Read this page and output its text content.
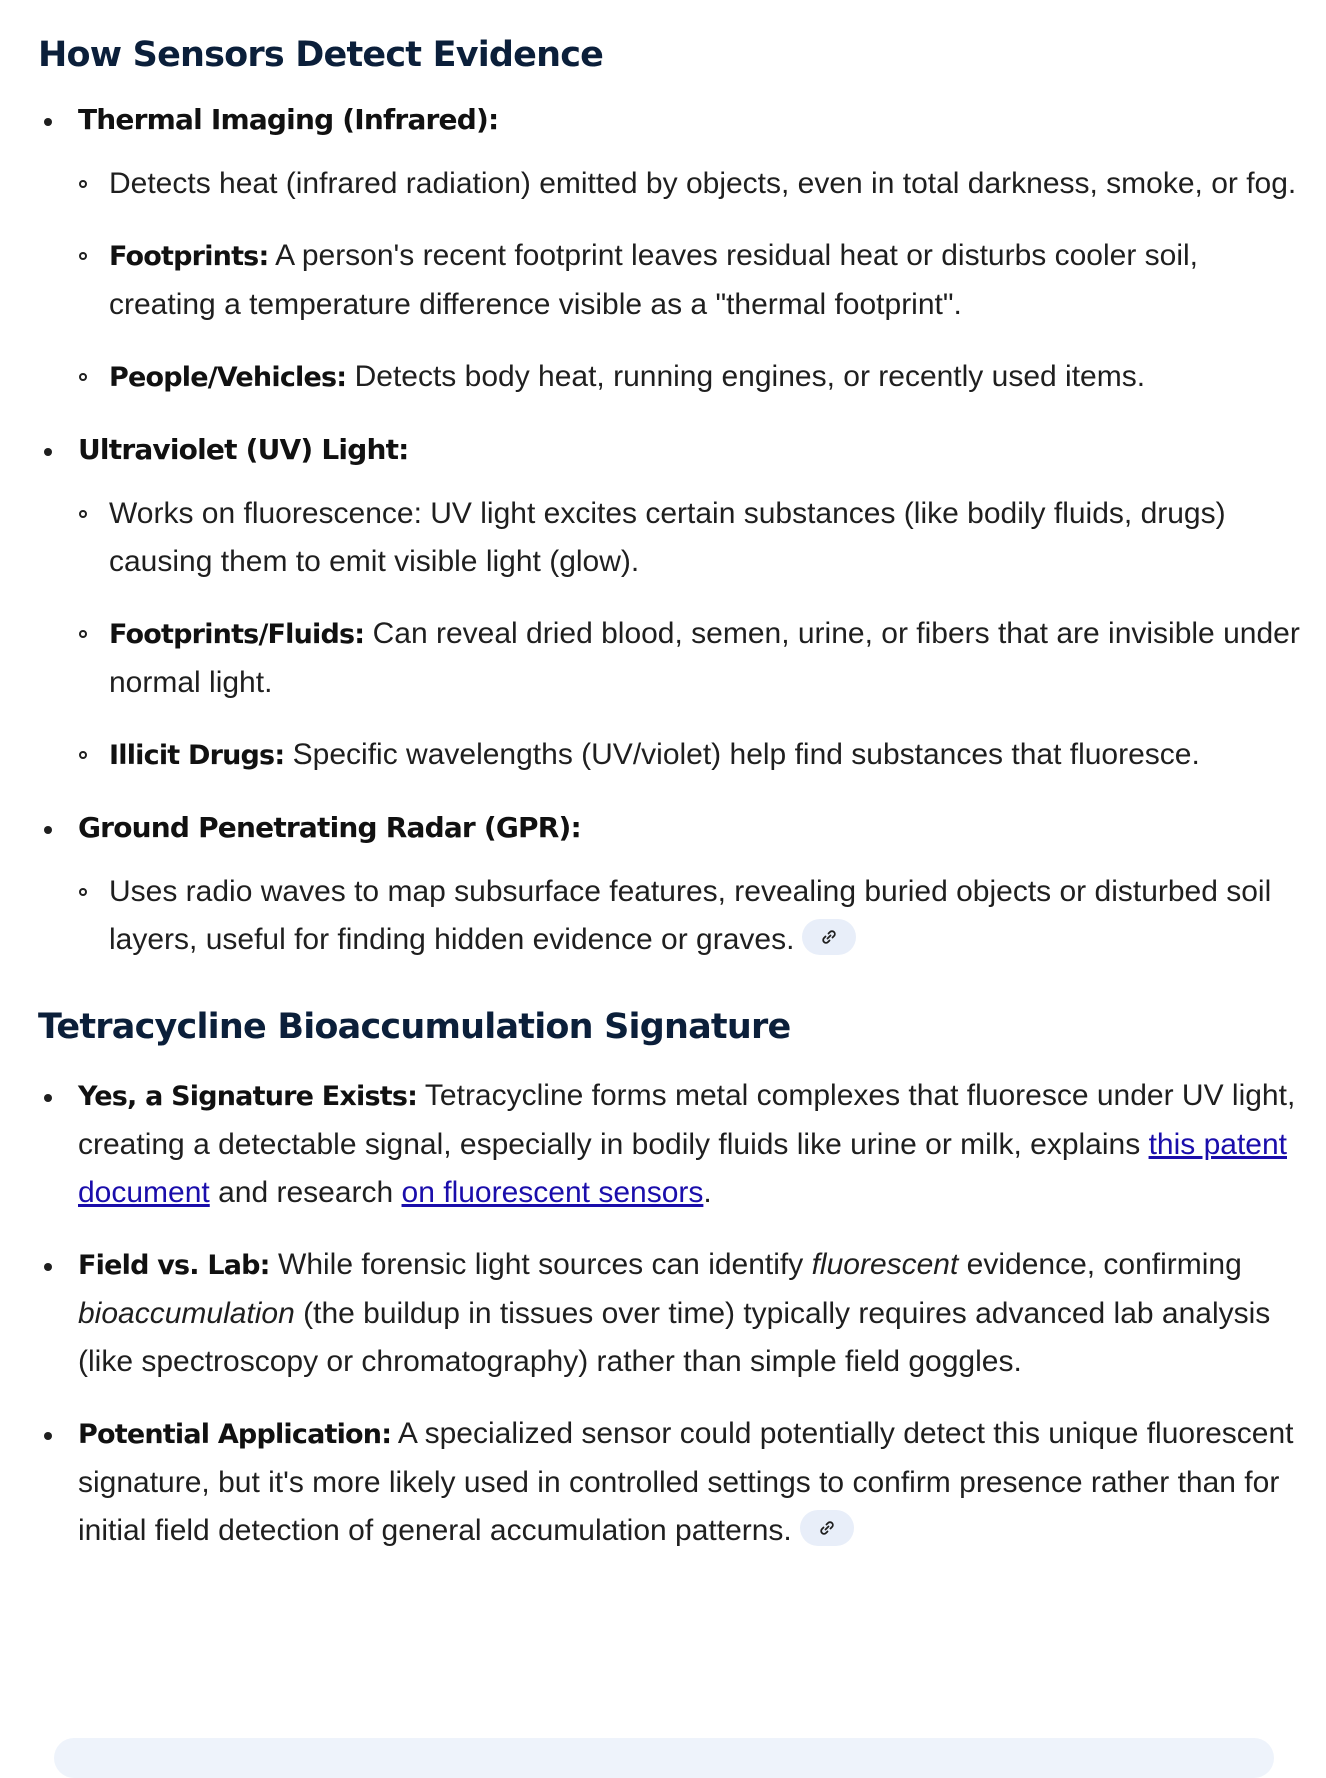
How Sensors Detect Evidence
Thermal Imaging (Infrared):
Detects heat (infrared radiation) emitted by objects, even in total darkness, smoke, or fog.
Footprints: A person's recent footprint leaves residual heat or disturbs cooler soil, creating a temperature difference visible as a "thermal footprint".
People/Vehicles: Detects body heat, running engines, or recently used items.
Ultraviolet (UV) Light:
Works on fluorescence: UV light excites certain substances (like bodily fluids, drugs) causing them to emit visible light (glow).
Footprints/Fluids: Can reveal dried blood, semen, urine, or fibers that are invisible under normal light.
Illicit Drugs: Specific wavelengths (UV/violet) help find substances that fluoresce.
Ground Penetrating Radar (GPR):
Uses radio waves to map subsurface features, revealing buried objects or disturbed soil layers, useful for finding hidden evidence or graves.
Tetracycline Bioaccumulation Signature
Yes, a Signature Exists: Tetracycline forms metal complexes that fluoresce under UV light, creating a detectable signal, especially in bodily fluids like urine or milk, explains this patent document and research on fluorescent sensors.
Field vs. Lab: While forensic light sources can identify fluorescent evidence, confirming bioaccumulation (the buildup in tissues over time) typically requires advanced lab analysis (like spectroscopy or chromatography) rather than simple field goggles.
Potential Application: A specialized sensor could potentially detect this unique fluorescent signature, but it's more likely used in controlled settings to confirm presence rather than for initial field detection of general accumulation patterns.
